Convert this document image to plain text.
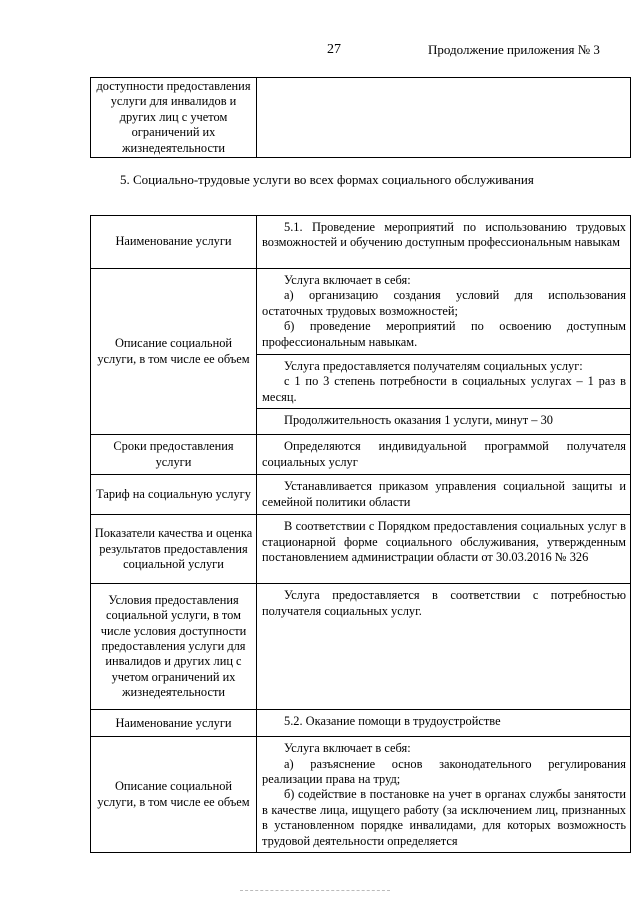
27	Продолжение приложения № 3
доступности предоставления услуги для инвалидов и других лиц с учетом ограничений их жизнедеятельности	
5. Социально-трудовые услуги во всех формах социального обслуживания
Наименование услуги	5.1. Проведение мероприятий по использованию трудовых возможностей и обучению доступным профессиональным навыкам

Описание социальной услуги, в том числе ее объем	Услуга включает в себя:

а) организацию создания условий для использования остаточных трудовых возможностей;

б) проведение мероприятий по освоению доступным профессиональным навыкам.

	Услуга предоставляется получателям социальных услуг:

с 1 по 3 степень потребности в социальных услугах – 1 раз в месяц.

	Продолжительность оказания 1 услуги, минут – 30

Сроки предоставления услуги	Определяются индивидуальной программой получателя социальных услуг

Тариф на социальную услугу	Устанавливается приказом управления социальной защиты и семейной политики области

Показатели качества и оценка результатов предоставления социальной услуги	В соответствии с Порядком предоставления социальных услуг в стационарной форме социального обслуживания, утвержденным постановлением администрации области от 30.03.2016 № 326

Условия предоставления социальной услуги, в том числе условия доступности предоставления услуги для инвалидов и других лиц с учетом ограничений их жизнедеятельности	Услуга предоставляется в соответствии с потребностью получателя социальных услуг.

Наименование услуги	5.2. Оказание помощи в трудоустройстве

Описание социальной услуги, в том числе ее объем	Услуга включает в себя:

а) разъяснение основ законодательного регулирования реализации права на труд;

б) содействие в постановке на учет в органах службы занятости в качестве лица, ищущего работу (за исключением лиц, признанных в установленном порядке инвалидами, для которых возможность трудовой деятельности определяется
